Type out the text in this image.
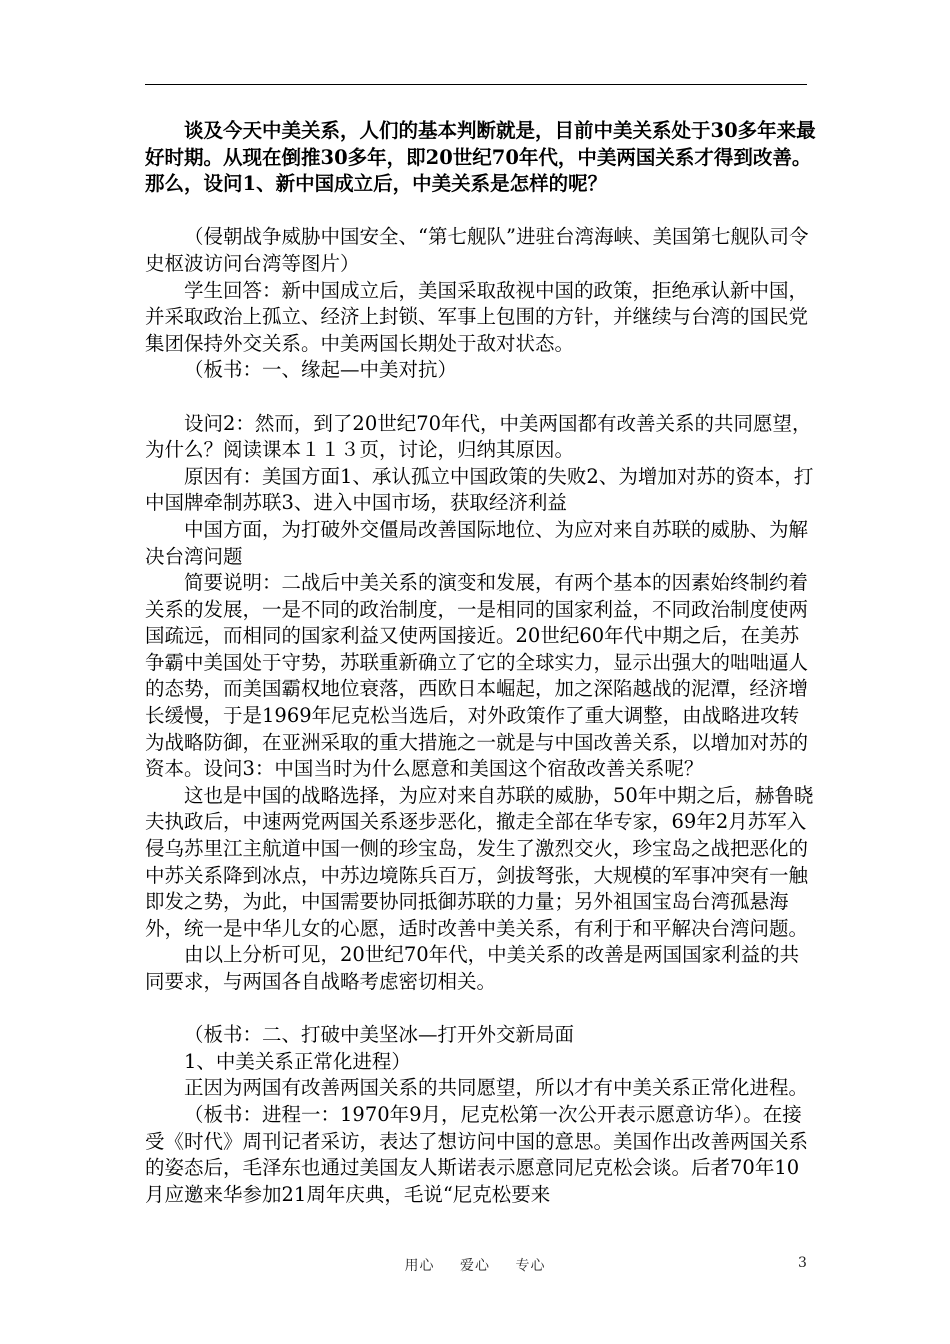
谈及今天中美关系，人们的基本判断就是，目前中美关系处于30多年来最好时期。从现在倒推30多年，即20世纪70年代，中美两国关系才得到改善。那么，设问1、新中国成立后，中美关系是怎样的呢？

（侵朝战争威胁中国安全、“第七舰队”进驻台湾海峡、美国第七舰队司令史枢波访问台湾等图片）

学生回答：新中国成立后，美国采取敌视中国的政策，拒绝承认新中国，并采取政治上孤立、经济上封锁、军事上包围的方针，并继续与台湾的国民党集团保持外交关系。中美两国长期处于敌对状态。

（板书：一、缘起—中美对抗）

设问2：然而，到了20世纪70年代，中美两国都有改善关系的共同愿望，为什么？阅读课本１１３页，讨论，归纳其原因。

原因有：美国方面1、承认孤立中国政策的失败2、为增加对苏的资本，打中国牌牵制苏联3、进入中国市场，获取经济利益

中国方面，为打破外交僵局改善国际地位、为应对来自苏联的威胁、为解决台湾问题

简要说明：二战后中美关系的演变和发展，有两个基本的因素始终制约着关系的发展，一是不同的政治制度，一是相同的国家利益，不同政治制度使两国疏远，而相同的国家利益又使两国接近。20世纪60年代中期之后，在美苏争霸中美国处于守势，苏联重新确立了它的全球实力，显示出强大的咄咄逼人的态势，而美国霸权地位衰落，西欧日本崛起，加之深陷越战的泥潭，经济增长缓慢，于是1969年尼克松当选后，对外政策作了重大调整，由战略进攻转为战略防御，在亚洲采取的重大措施之一就是与中国改善关系，以增加对苏的资本。设问3：中国当时为什么愿意和美国这个宿敌改善关系呢？

这也是中国的战略选择，为应对来自苏联的威胁，50年中期之后，赫鲁晓夫执政后，中速两党两国关系逐步恶化，撤走全部在华专家，69年2月苏军入侵乌苏里江主航道中国一侧的珍宝岛，发生了激烈交火，珍宝岛之战把恶化的中苏关系降到冰点，中苏边境陈兵百万，剑拔弩张，大规模的军事冲突有一触即发之势，为此，中国需要协同抵御苏联的力量；另外祖国宝岛台湾孤悬海外，统一是中华儿女的心愿，适时改善中美关系，有利于和平解决台湾问题。

由以上分析可见，20世纪70年代，中美关系的改善是两国国家利益的共同要求，与两国各自战略考虑密切相关。

（板书：二、打破中美坚冰—打开外交新局面

1、中美关系正常化进程）

正因为两国有改善两国关系的共同愿望，所以才有中美关系正常化进程。

（板书：进程一：1970年9月，尼克松第一次公开表示愿意访华）。在接受《时代》周刊记者采访，表达了想访问中国的意思。美国作出改善两国关系的姿态后，毛泽东也通过美国友人斯诺表示愿意同尼克松会谈。后者70年10月应邀来华参加21周年庆典，毛说“尼克松要来

用心 爱心 专心	3
